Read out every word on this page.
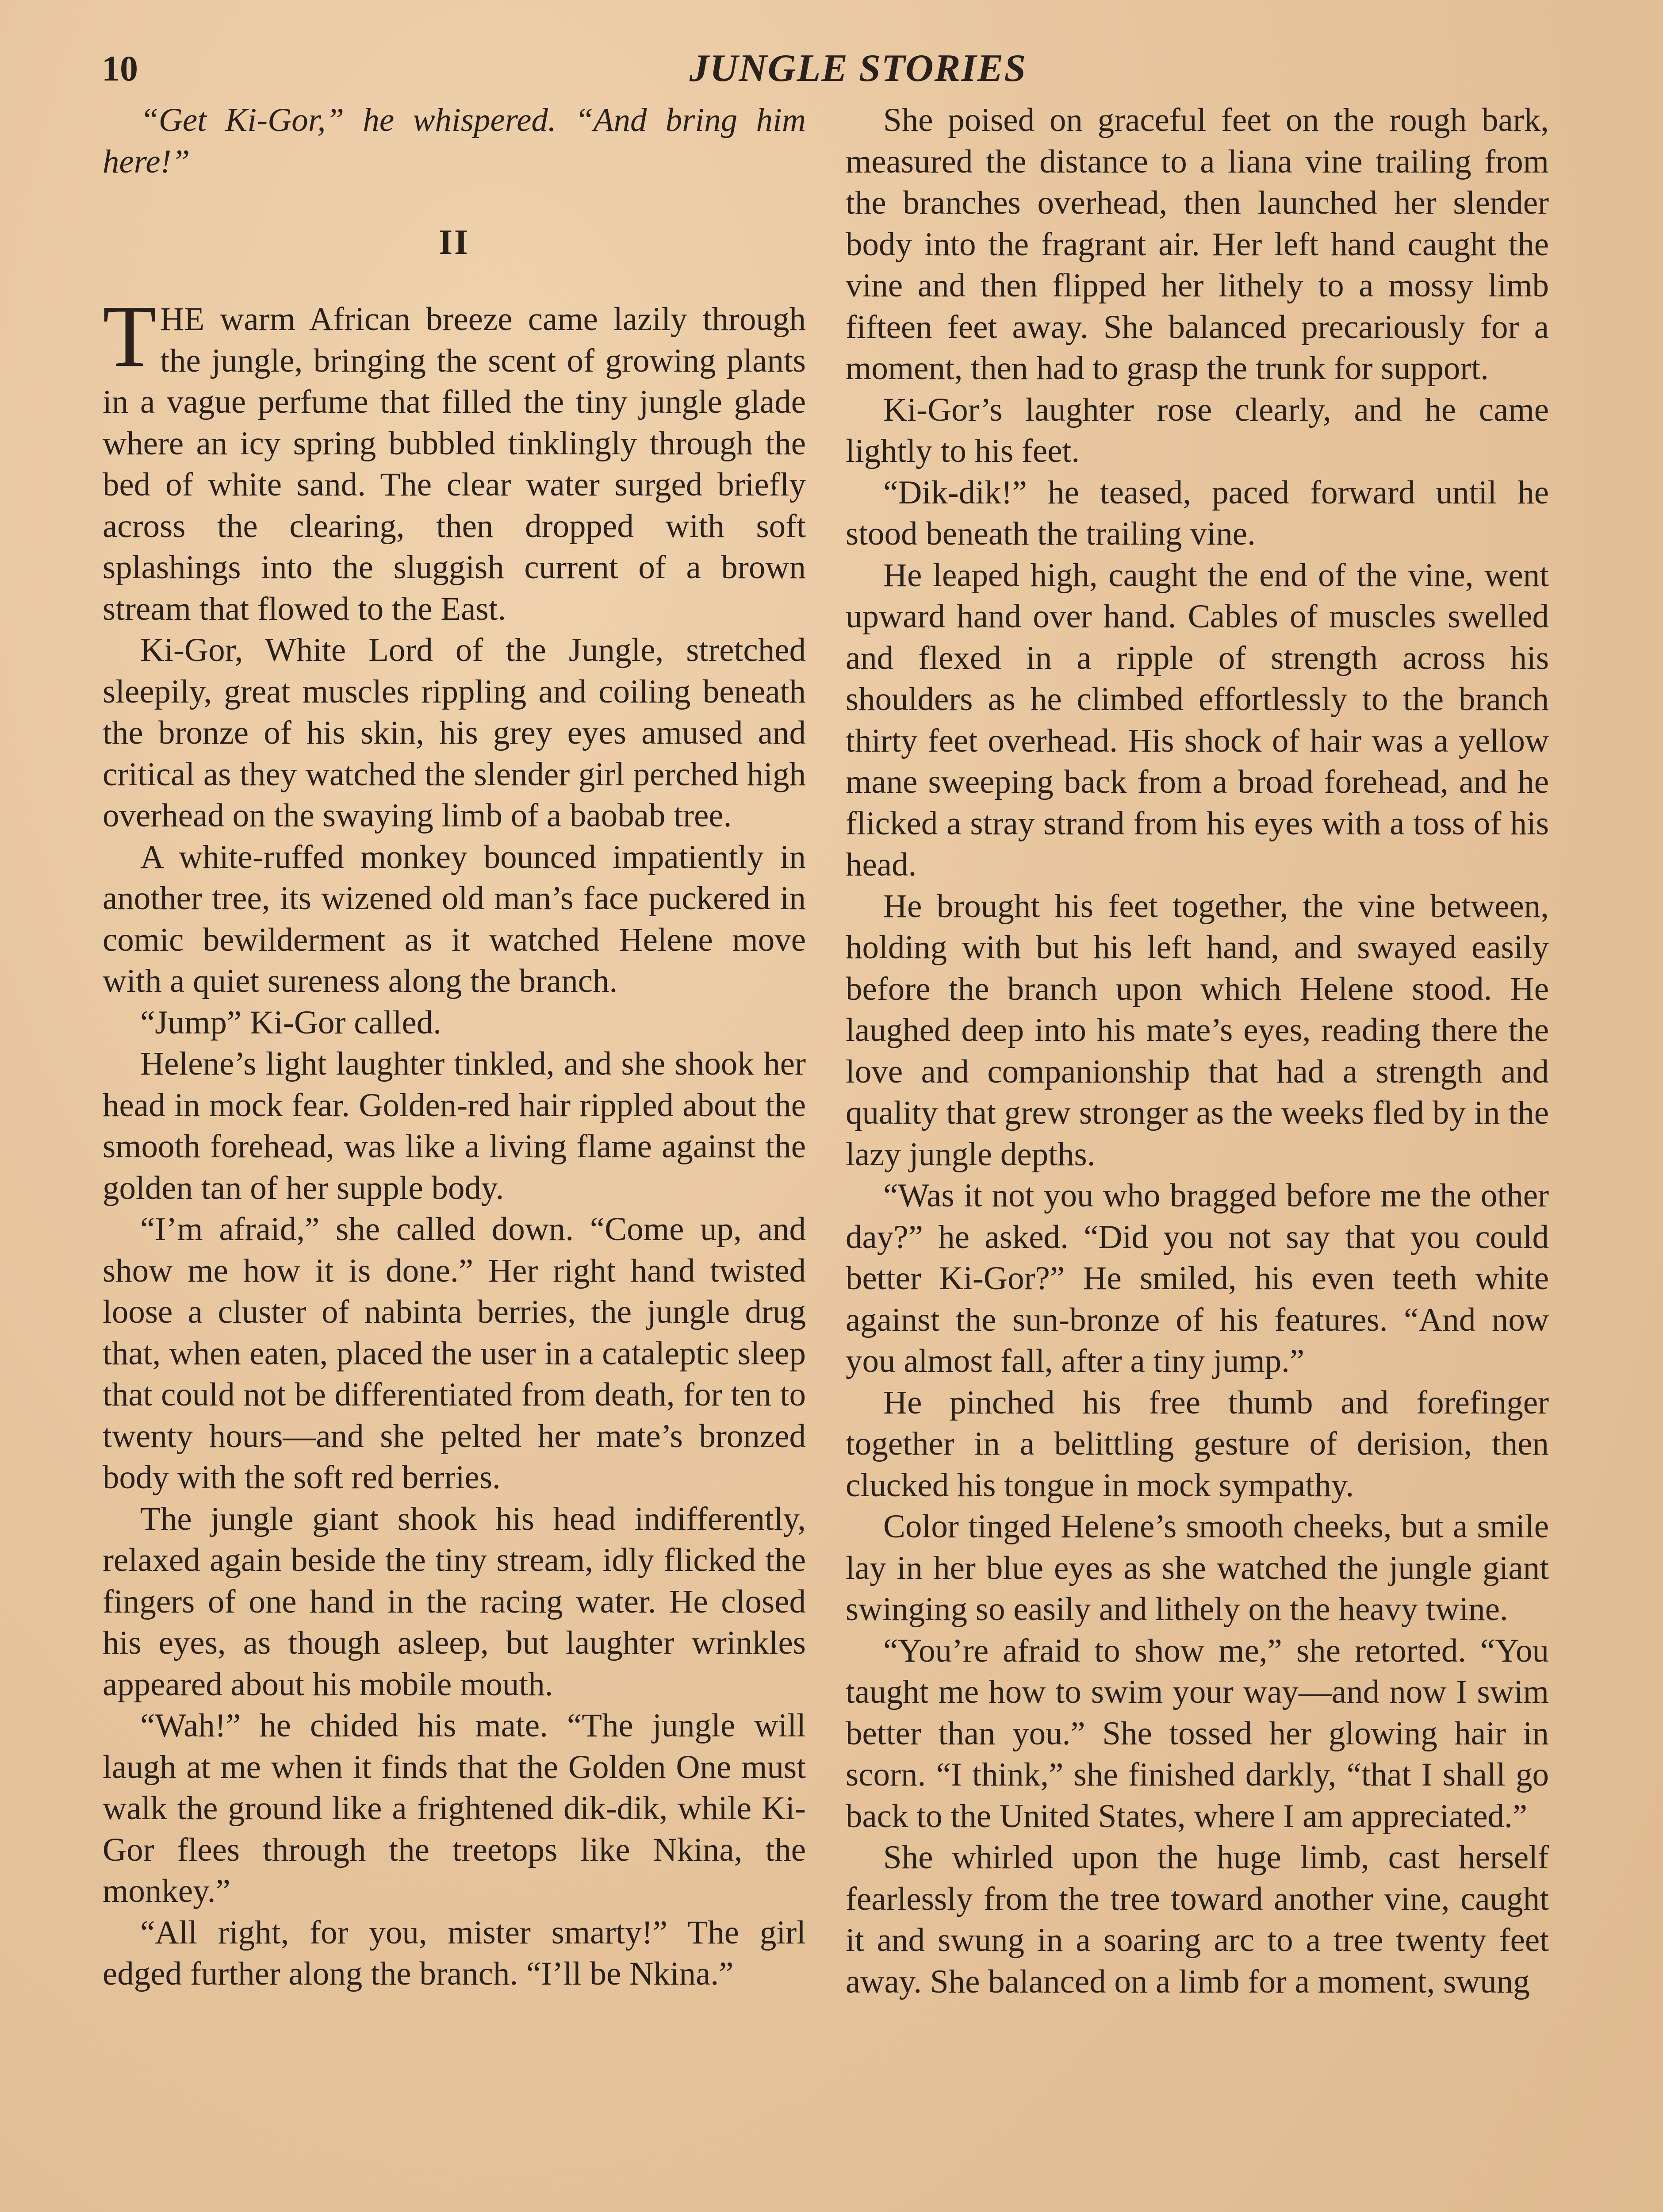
10	JUNGLE STORIES

“Get Ki-Gor,” he whispered. “And bring him here!”

II

THE warm African breeze came lazily through the jungle, bringing the scent of growing plants in a vague perfume that filled the tiny jungle glade where an icy spring bubbled tinklingly through the bed of white sand. The clear water surged briefly across the clearing, then dropped with soft splashings into the sluggish current of a brown stream that flowed to the East.

Ki-Gor, White Lord of the Jungle, stretched sleepily, great muscles rippling and coiling beneath the bronze of his skin, his grey eyes amused and critical as they watched the slender girl perched high overhead on the swaying limb of a baobab tree.

A white-ruffed monkey bounced impatiently in another tree, its wizened old man’s face puckered in comic bewilderment as it watched Helene move with a quiet sureness along the branch.

“Jump” Ki-Gor called.

Helene’s light laughter tinkled, and she shook her head in mock fear. Golden-red hair rippled about the smooth forehead, was like a living flame against the golden tan of her supple body.

“I’m afraid,” she called down. “Come up, and show me how it is done.” Her right hand twisted loose a cluster of nabinta berries, the jungle drug that, when eaten, placed the user in a cataleptic sleep that could not be differentiated from death, for ten to twenty hours—and she pelted her mate’s bronzed body with the soft red berries.

The jungle giant shook his head indifferently, relaxed again beside the tiny stream, idly flicked the fingers of one hand in the racing water. He closed his eyes, as though asleep, but laughter wrinkles appeared about his mobile mouth.

“Wah!” he chided his mate. “The jungle will laugh at me when it finds that the Golden One must walk the ground like a frightened dik-dik, while Ki-Gor flees through the treetops like Nkina, the monkey.”

“All right, for you, mister smarty!” The girl edged further along the branch. “I’ll be Nkina.”

She poised on graceful feet on the rough bark, measured the distance to a liana vine trailing from the branches overhead, then launched her slender body into the fragrant air. Her left hand caught the vine and then flipped her lithely to a mossy limb fifteen feet away. She balanced precariously for a moment, then had to grasp the trunk for support.

Ki-Gor’s laughter rose clearly, and he came lightly to his feet.

“Dik-dik!” he teased, paced forward until he stood beneath the trailing vine.

He leaped high, caught the end of the vine, went upward hand over hand. Cables of muscles swelled and flexed in a ripple of strength across his shoulders as he climbed effortlessly to the branch thirty feet overhead. His shock of hair was a yellow mane sweeping back from a broad forehead, and he flicked a stray strand from his eyes with a toss of his head.

He brought his feet together, the vine between, holding with but his left hand, and swayed easily before the branch upon which Helene stood. He laughed deep into his mate’s eyes, reading there the love and companionship that had a strength and quality that grew stronger as the weeks fled by in the lazy jungle depths.

“Was it not you who bragged before me the other day?” he asked. “Did you not say that you could better Ki-Gor?” He smiled, his even teeth white against the sun-bronze of his features. “And now you almost fall, after a tiny jump.”

He pinched his free thumb and forefinger together in a belittling gesture of derision, then clucked his tongue in mock sympathy.

Color tinged Helene’s smooth cheeks, but a smile lay in her blue eyes as she watched the jungle giant swinging so easily and lithely on the heavy twine.

“You’re afraid to show me,” she retorted. “You taught me how to swim your way—and now I swim better than you.” She tossed her glowing hair in scorn. “I think,” she finished darkly, “that I shall go back to the United States, where I am appreciated.”

She whirled upon the huge limb, cast herself fearlessly from the tree toward another vine, caught it and swung in a soaring arc to a tree twenty feet away. She balanced on a limb for a moment, swung
